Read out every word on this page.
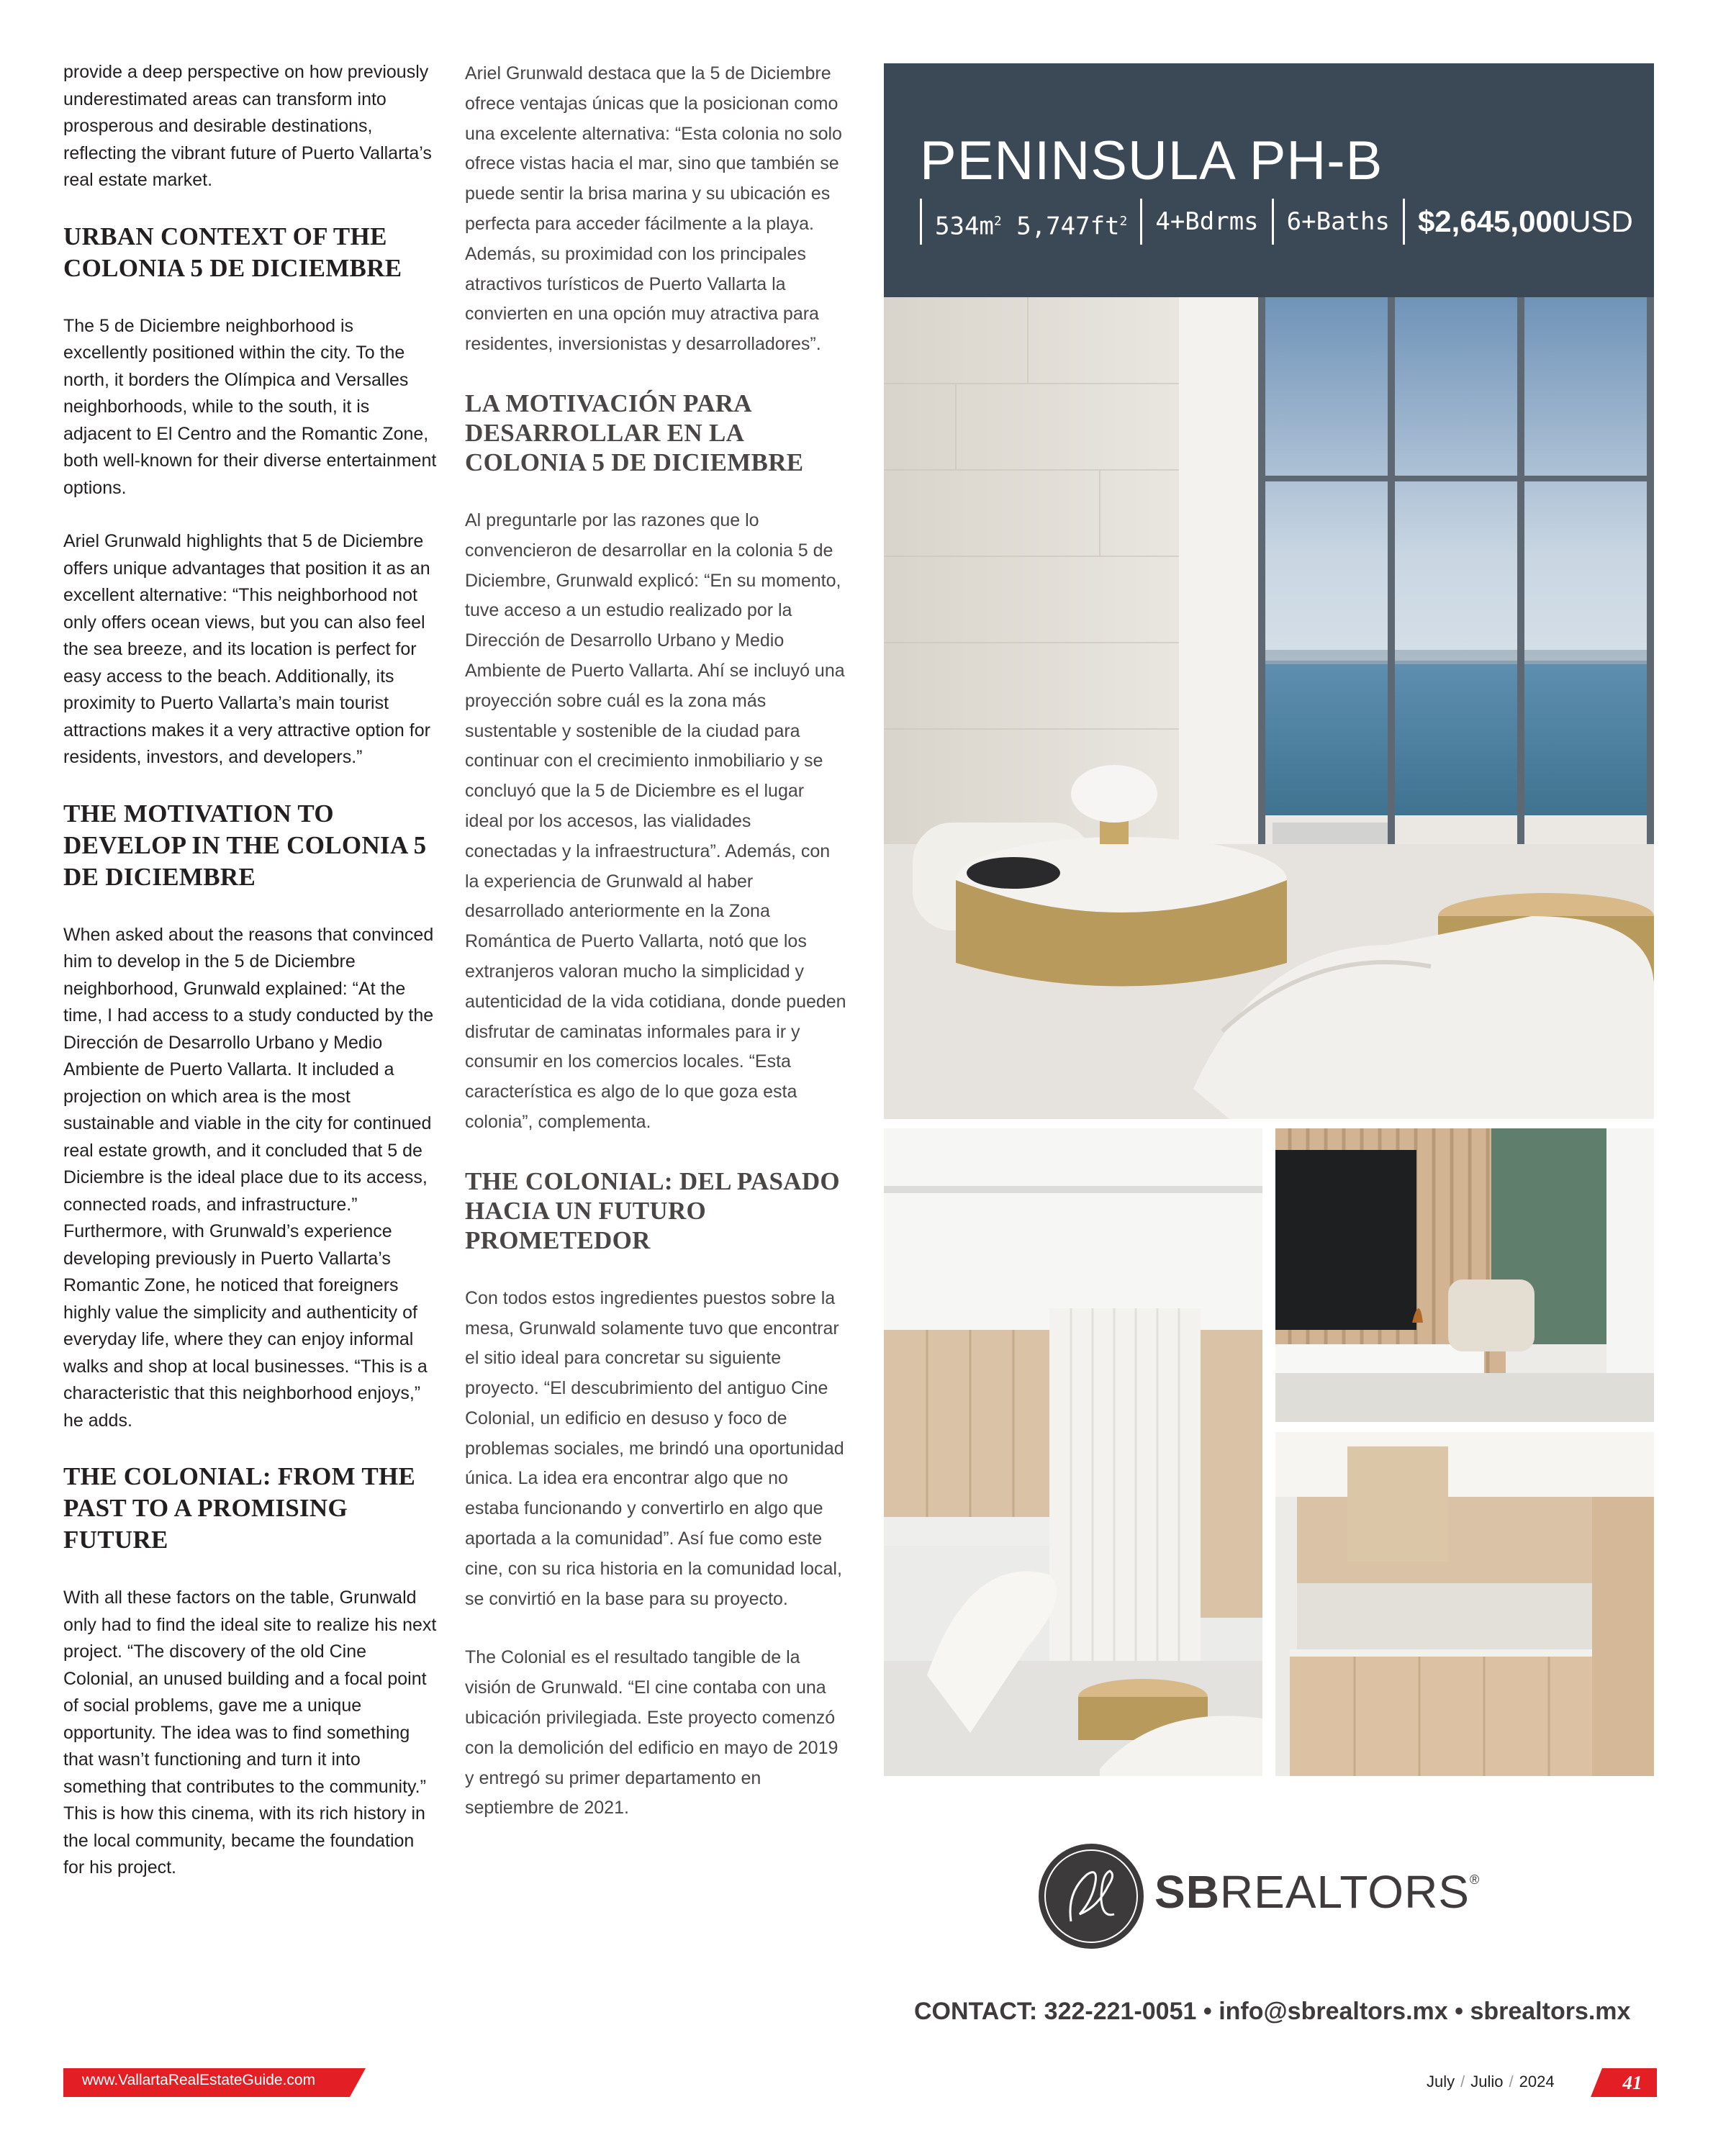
provide a deep perspective on how previously underestimated areas can transform into prosperous and desirable destinations, reflecting the vibrant future of Puerto Vallarta’s real estate market.

URBAN CONTEXT OF THE COLONIA 5 DE DICIEMBRE

The 5 de Diciembre neighborhood is excellently positioned within the city. To the north, it borders the Olímpica and Versalles neighborhoods, while to the south, it is adjacent to El Centro and the Romantic Zone, both well-known for their diverse entertainment options.

Ariel Grunwald highlights that 5 de Diciembre offers unique advantages that position it as an excellent alternative: “This neighborhood not only offers ocean views, but you can also feel the sea breeze, and its location is perfect for easy access to the beach. Additionally, its proximity to Puerto Vallarta’s main tourist attractions makes it a very attractive option for residents, investors, and developers.”

THE MOTIVATION TO DEVELOP IN THE COLONIA 5 DE DICIEMBRE

When asked about the reasons that convinced him to develop in the 5 de Diciembre neighborhood, Grunwald explained: “At the time, I had access to a study conducted by the Dirección de Desarrollo Urbano y Medio Ambiente de Puerto Vallarta. It included a projection on which area is the most sustainable and viable in the city for continued real estate growth, and it concluded that 5 de Diciembre is the ideal place due to its access, connected roads, and infrastructure.” Furthermore, with Grunwald’s experience developing previously in Puerto Vallarta’s Romantic Zone, he noticed that foreigners highly value the simplicity and authenticity of everyday life, where they can enjoy informal walks and shop at local businesses. “This is a characteristic that this neighborhood enjoys,” he adds.

THE COLONIAL: FROM THE PAST TO A PROMISING FUTURE

With all these factors on the table, Grunwald only had to find the ideal site to realize his next project. “The discovery of the old Cine Colonial, an unused building and a focal point of social problems, gave me a unique opportunity. The idea was to find something that wasn’t functioning and turn it into something that contributes to the community.” This is how this cinema, with its rich history in the local community, became the foundation for his project.

Ariel Grunwald destaca que la 5 de Diciembre ofrece ventajas únicas que la posicionan como una excelente alternativa: “Esta colonia no solo ofrece vistas hacia el mar, sino que también se puede sentir la brisa marina y su ubicación es perfecta para acceder fácilmente a la playa. Además, su proximidad con los principales atractivos turísticos de Puerto Vallarta la convierten en una opción muy atractiva para residentes, inversionistas y desarrolladores”.

LA MOTIVACIÓN PARA DESARROLLAR EN LA COLONIA 5 DE DICIEMBRE

Al preguntarle por las razones que lo convencieron de desarrollar en la colonia 5 de Diciembre, Grunwald explicó: “En su momento, tuve acceso a un estudio realizado por la Dirección de Desarrollo Urbano y Medio Ambiente de Puerto Vallarta. Ahí se incluyó una proyección sobre cuál es la zona más sustentable y sostenible de la ciudad para continuar con el crecimiento inmobiliario y se concluyó que la 5 de Diciembre es el lugar ideal por los accesos, las vialidades conectadas y la infraestructura”. Además, con la experiencia de Grunwald al haber desarrollado anteriormente en la Zona Romántica de Puerto Vallarta, notó que los extranjeros valoran mucho la simplicidad y autenticidad de la vida cotidiana, donde pueden disfrutar de caminatas informales para ir y consumir en los comercios locales. “Esta característica es algo de lo que goza esta colonia”, complementa.

THE COLONIAL: DEL PASADO HACIA UN FUTURO PROMETEDOR

Con todos estos ingredientes puestos sobre la mesa, Grunwald solamente tuvo que encontrar el sitio ideal para concretar su siguiente proyecto. “El descubrimiento del antiguo Cine Colonial, un edificio en desuso y foco de problemas sociales, me brindó una oportunidad única. La idea era encontrar algo que no estaba funcionando y convertirlo en algo que aportada a la comunidad”. Así fue como este cine, con su rica historia en la comunidad local, se convirtió en la base para su proyecto.

The Colonial es el resultado tangible de la visión de Grunwald. “El cine contaba con una ubicación privilegiada. Este proyecto comenzó con la demolición del edificio en mayo de 2019 y entregó su primer departamento en septiembre de 2021.

PENINSULA PH-B
$534m^2$ $5,747ft^2$	4+Bdrms	6+Baths $2,645,000USD
SBREALTORS®
CONTACT: 322-221-0051 • info@sbrealtors.mx • sbrealtors.mx
www.VallartaRealEstateGuide.com	July / Julio / 2024	41
